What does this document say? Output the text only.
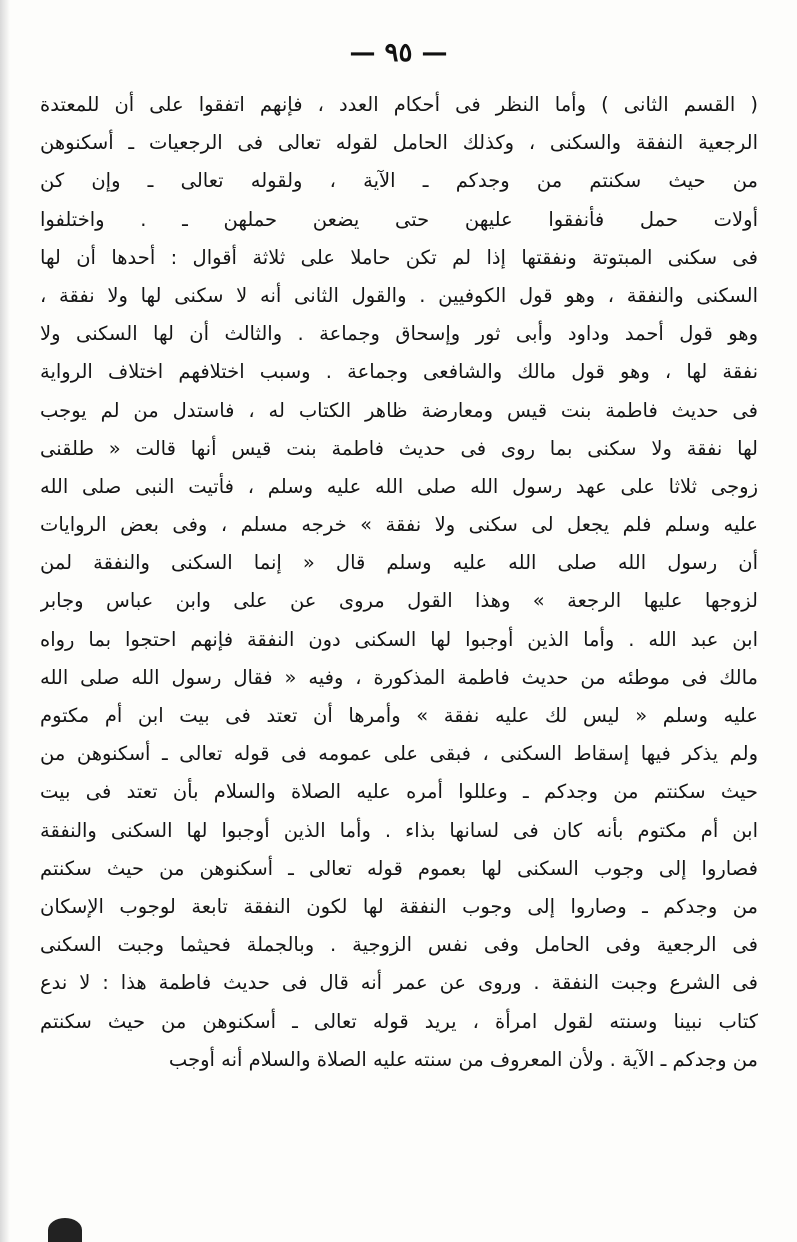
— ٩٥ —
( القسم الثانى ) وأما النظر فى أحكام العدد ، فإنهم اتفقوا على أن للمعتدة
الرجعية النفقة والسكنى ، وكذلك الحامل لقوله تعالى فى الرجعيات ـ أسكنوهن
من حيث سكنتم من وجدكم ـ الآية ، ولقوله تعالى ـ وإن كن
أولات حمل فأنفقوا عليهن حتى يضعن حملهن ـ . واختلفوا
فى سكنى المبتوتة ونفقتها إذا لم تكن حاملا على ثلاثة أقوال : أحدها أن لها
السكنى والنفقة ، وهو قول الكوفيين . والقول الثانى أنه لا سكنى لها ولا نفقة ،
وهو قول أحمد وداود وأبى ثور وإسحاق وجماعة . والثالث أن لها السكنى ولا
نفقة لها ، وهو قول مالك والشافعى وجماعة . وسبب اختلافهم اختلاف الرواية
فى حديث فاطمة بنت قيس ومعارضة ظاهر الكتاب له ، فاستدل من لم يوجب
لها نفقة ولا سكنى بما روى فى حديث فاطمة بنت قيس أنها قالت « طلقنى
زوجى ثلاثا على عهد رسول الله صلى الله عليه وسلم ، فأتيت النبى صلى الله
عليه وسلم فلم يجعل لى سكنى ولا نفقة » خرجه مسلم ، وفى بعض الروايات
أن رسول الله صلى الله عليه وسلم قال « إنما السكنى والنفقة لمن
لزوجها عليها الرجعة » وهذا القول مروى عن على وابن عباس وجابر
ابن عبد الله . وأما الذين أوجبوا لها السكنى دون النفقة فإنهم احتجوا بما رواه
مالك فى موطئه من حديث فاطمة المذكورة ، وفيه « فقال رسول الله صلى الله
عليه وسلم « ليس لك عليه نفقة » وأمرها أن تعتد فى بيت ابن أم مكتوم
ولم يذكر فيها إسقاط السكنى ، فبقى على عمومه فى قوله تعالى ـ أسكنوهن من
حيث سكنتم من وجدكم ـ وعللوا أمره عليه الصلاة والسلام بأن تعتد فى بيت
ابن أم مكتوم بأنه كان فى لسانها بذاء . وأما الذين أوجبوا لها السكنى والنفقة
فصاروا إلى وجوب السكنى لها بعموم قوله تعالى ـ أسكنوهن من حيث سكنتم
من وجدكم ـ وصاروا إلى وجوب النفقة لها لكون النفقة تابعة لوجوب الإسكان
فى الرجعية وفى الحامل وفى نفس الزوجية . وبالجملة فحيثما وجبت السكنى
فى الشرع وجبت النفقة . وروى عن عمر أنه قال فى حديث فاطمة هذا : لا ندع
كتاب نبينا وسنته لقول امرأة ، يريد قوله تعالى ـ أسكنوهن من حيث سكنتم
من وجدكم ـ الآية . ولأن المعروف من سنته عليه الصلاة والسلام أنه أوجب
